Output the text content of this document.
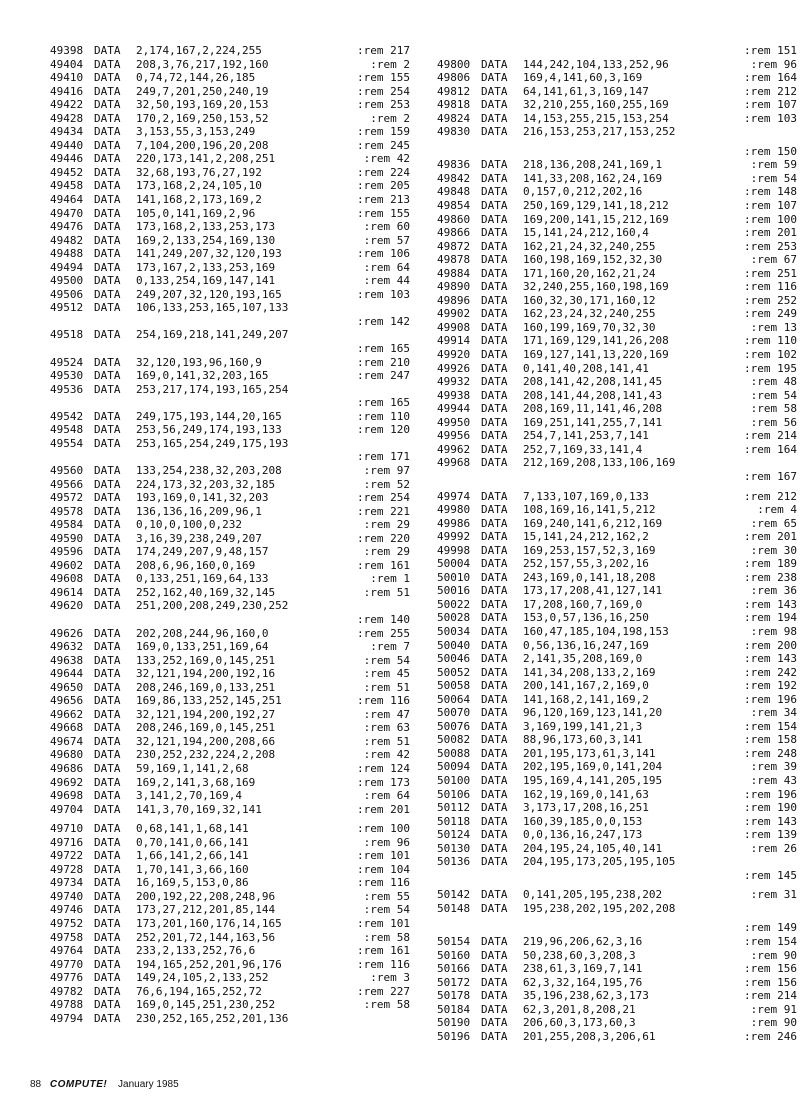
49398 DATA 2,174,167,2,224,255	:rem 217
49404 DATA 208,3,76,217,192,160	:rem 2
49410 DATA 0,74,72,144,26,185	:rem 155
49416 DATA 249,7,201,250,240,19	:rem 254
49422 DATA 32,50,193,169,20,153	:rem 253
49428 DATA 170,2,169,250,153,52	:rem 2
49434 DATA 3,153,55,3,153,249	:rem 159
49440 DATA 7,104,200,196,20,208	:rem 245
49446 DATA 220,173,141,2,208,251	:rem 42
49452 DATA 32,68,193,76,27,192	:rem 224
49458 DATA 173,168,2,24,105,10	:rem 205
49464 DATA 141,168,2,173,169,2	:rem 213
49470 DATA 105,0,141,169,2,96	:rem 155
49476 DATA 173,168,2,133,253,173	:rem 60
49482 DATA 169,2,133,254,169,130	:rem 57
49488 DATA 141,249,207,32,120,193	:rem 106
49494 DATA 173,167,2,133,253,169	:rem 64
49500 DATA 0,133,254,169,147,141	:rem 44
49506 DATA 249,207,32,120,193,165	:rem 103
49512 DATA 106,133,253,165,107,133
:rem 142
49518 DATA 254,169,218,141,249,207
:rem 165
49524 DATA 32,120,193,96,160,9	:rem 210
49530 DATA 169,0,141,32,203,165	:rem 247
49536 DATA 253,217,174,193,165,254
:rem 165
49542 DATA 249,175,193,144,20,165	:rem 110
49548 DATA 253,56,249,174,193,133	:rem 120
49554 DATA 253,165,254,249,175,193
:rem 171
49560 DATA 133,254,238,32,203,208	:rem 97
49566 DATA 224,173,32,203,32,185	:rem 52
49572 DATA 193,169,0,141,32,203	:rem 254
49578 DATA 136,136,16,209,96,1	:rem 221
49584 DATA 0,10,0,100,0,232	:rem 29
49590 DATA 3,16,39,238,249,207	:rem 220
49596 DATA 174,249,207,9,48,157	:rem 29
49602 DATA 208,6,96,160,0,169	:rem 161
49608 DATA 0,133,251,169,64,133	:rem 1
49614 DATA 252,162,40,169,32,145	:rem 51
49620 DATA 251,200,208,249,230,252
:rem 140
49626 DATA 202,208,244,96,160,0	:rem 255
49632 DATA 169,0,133,251,169,64	:rem 7
49638 DATA 133,252,169,0,145,251	:rem 54
49644 DATA 32,121,194,200,192,16	:rem 45
49650 DATA 208,246,169,0,133,251	:rem 51
49656 DATA 169,86,133,252,145,251	:rem 116
49662 DATA 32,121,194,200,192,27	:rem 47
49668 DATA 208,246,169,0,145,251	:rem 63
49674 DATA 32,121,194,200,208,66	:rem 51
49680 DATA 230,252,232,224,2,208	:rem 42
49686 DATA 59,169,1,141,2,68	:rem 124
49692 DATA 169,2,141,3,68,169	:rem 173
49698 DATA 3,141,2,70,169,4	:rem 64
49704 DATA 141,3,70,169,32,141	:rem 201
49710 DATA 0,68,141,1,68,141	:rem 100
49716 DATA 0,70,141,0,66,141	:rem 96
49722 DATA 1,66,141,2,66,141	:rem 101
49728 DATA 1,70,141,3,66,160	:rem 104
49734 DATA 16,169,5,153,0,86	:rem 116
49740 DATA 200,192,22,208,248,96	:rem 55
49746 DATA 173,27,212,201,85,144	:rem 54
49752 DATA 173,201,160,176,14,165	:rem 101
49758 DATA 252,201,72,144,163,56	:rem 58
49764 DATA 233,2,133,252,76,6	:rem 161
49770 DATA 194,165,252,201,96,176	:rem 116
49776 DATA 149,24,105,2,133,252	:rem 3
49782 DATA 76,6,194,165,252,72	:rem 227
49788 DATA 169,0,145,251,230,252	:rem 58
49794 DATA 230,252,165,252,201,136
:rem 151
49800 DATA 144,242,104,133,252,96	:rem 96
49806 DATA 169,4,141,60,3,169	:rem 164
49812 DATA 64,141,61,3,169,147	:rem 212
49818 DATA 32,210,255,160,255,169	:rem 107
49824 DATA 14,153,255,215,153,254	:rem 103
49830 DATA 216,153,253,217,153,252
:rem 150
49836 DATA 218,136,208,241,169,1	:rem 59
49842 DATA 141,33,208,162,24,169	:rem 54
49848 DATA 0,157,0,212,202,16	:rem 148
49854 DATA 250,169,129,141,18,212	:rem 107
49860 DATA 169,200,141,15,212,169	:rem 100
49866 DATA 15,141,24,212,160,4	:rem 201
49872 DATA 162,21,24,32,240,255	:rem 253
49878 DATA 160,198,169,152,32,30	:rem 67
49884 DATA 171,160,20,162,21,24	:rem 251
49890 DATA 32,240,255,160,198,169	:rem 116
49896 DATA 160,32,30,171,160,12	:rem 252
49902 DATA 162,23,24,32,240,255	:rem 249
49908 DATA 160,199,169,70,32,30	:rem 13
49914 DATA 171,169,129,141,26,208	:rem 110
49920 DATA 169,127,141,13,220,169	:rem 102
49926 DATA 0,141,40,208,141,41	:rem 195
49932 DATA 208,141,42,208,141,45	:rem 48
49938 DATA 208,141,44,208,141,43	:rem 54
49944 DATA 208,169,11,141,46,208	:rem 58
49950 DATA 169,251,141,255,7,141	:rem 56
49956 DATA 254,7,141,253,7,141	:rem 214
49962 DATA 252,7,169,33,141,4	:rem 164
49968 DATA 212,169,208,133,106,169
:rem 167
49974 DATA 7,133,107,169,0,133	:rem 212
49980 DATA 108,169,16,141,5,212	:rem 4
49986 DATA 169,240,141,6,212,169	:rem 65
49992 DATA 15,141,24,212,162,2	:rem 201
49998 DATA 169,253,157,52,3,169	:rem 30
50004 DATA 252,157,55,3,202,16	:rem 189
50010 DATA 243,169,0,141,18,208	:rem 238
50016 DATA 173,17,208,41,127,141	:rem 36
50022 DATA 17,208,160,7,169,0	:rem 143
50028 DATA 153,0,57,136,16,250	:rem 194
50034 DATA 160,47,185,104,198,153	:rem 98
50040 DATA 0,56,136,16,247,169	:rem 200
50046 DATA 2,141,35,208,169,0	:rem 143
50052 DATA 141,34,208,133,2,169	:rem 242
50058 DATA 200,141,167,2,169,0	:rem 192
50064 DATA 141,168,2,141,169,2	:rem 196
50070 DATA 96,120,169,123,141,20	:rem 34
50076 DATA 3,169,199,141,21,3	:rem 154
50082 DATA 88,96,173,60,3,141	:rem 158
50088 DATA 201,195,173,61,3,141	:rem 248
50094 DATA 202,195,169,0,141,204	:rem 39
50100 DATA 195,169,4,141,205,195	:rem 43
50106 DATA 162,19,169,0,141,63	:rem 196
50112 DATA 3,173,17,208,16,251	:rem 190
50118 DATA 160,39,185,0,0,153	:rem 143
50124 DATA 0,0,136,16,247,173	:rem 139
50130 DATA 204,195,24,105,40,141	:rem 26
50136 DATA 204,195,173,205,195,105
:rem 145
50142 DATA 0,141,205,195,238,202	:rem 31
50148 DATA 195,238,202,195,202,208
:rem 149
50154 DATA 219,96,206,62,3,16	:rem 154
50160 DATA 50,238,60,3,208,3	:rem 90
50166 DATA 238,61,3,169,7,141	:rem 156
50172 DATA 62,3,32,164,195,76	:rem 156
50178 DATA 35,196,238,62,3,173	:rem 214
50184 DATA 62,3,201,8,208,21	:rem 91
50190 DATA 206,60,3,173,60,3	:rem 90
50196 DATA 201,255,208,3,206,61	:rem 246
88 COMPUTE! January 1985
